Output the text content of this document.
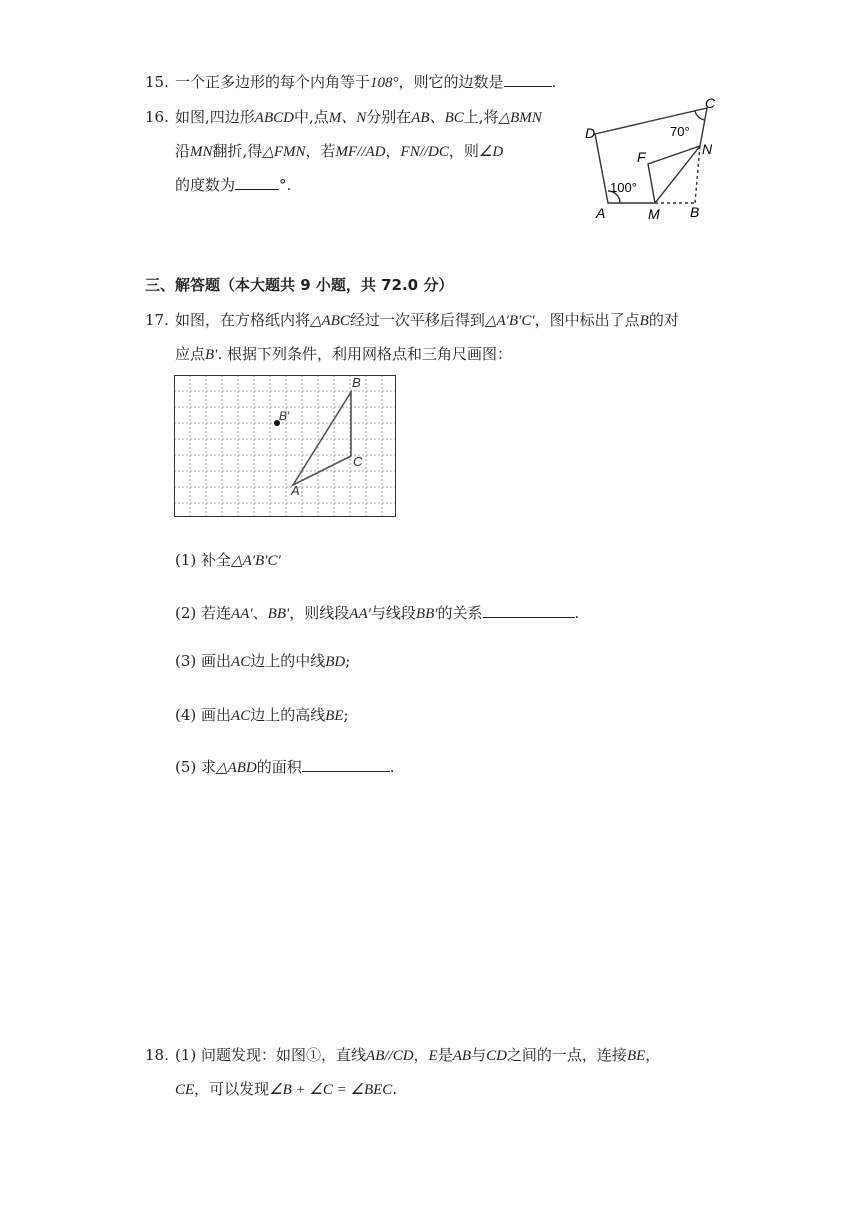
15. 一个正多边形的每个内角等于108°，则它的边数是	.
16. 如图,四边形ABCD中,点M、N分别在AB、BC上,将△BMN
沿MN翻折,得△FMN，若MF//AD，FN//DC，则∠D
的度数为	°.
D
C
N
F
A	M B
70°
100°
三、解答题（本大题共 9 小题，共 72.0 分）
17. 如图，在方格纸内将△ABC经过一次平移后得到△A′B′C′，图中标出了点B的对
应点B′. 根据下列条件，利用网格点和三角尺画图：
B
C
A
B′
(1) 补全△A′B′C′
(2) 若连AA′、BB′，则线段AA′与线段BB′的关系	.
(3) 画出AC边上的中线BD;
(4) 画出AC边上的高线BE;
(5) 求△ABD的面积	.
18. (1) 问题发现：如图①，直线AB//CD，E是AB与CD之间的一点，连接BE，
CE，可以发现∠B + ∠C = ∠BEC.
